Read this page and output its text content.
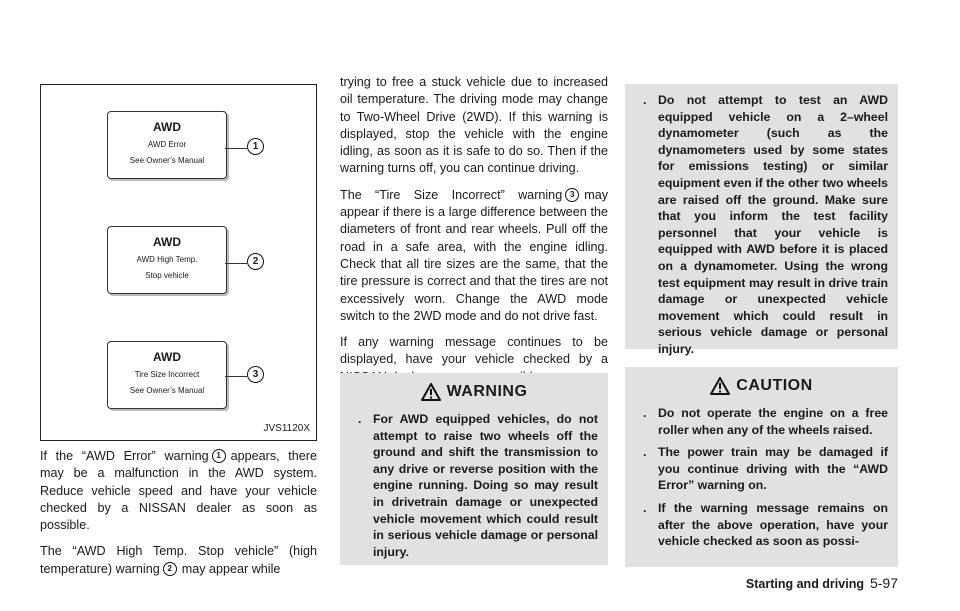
AWD
AWD Error
See Owner’s Manual
1
AWD
AWD High Temp.
Stop vehicle
2
AWD
Tire Size Incorrect
See Owner’s Manual
3
JVS1120X

If the “AWD Error” warning 1 appears, there may be a malfunction in the AWD system. Reduce vehicle speed and have your vehicle checked by a NISSAN dealer as soon as possible.

The “AWD High Temp. Stop vehicle” (high temperature) warning 2 may appear while

trying to free a stuck vehicle due to increased oil temperature. The driving mode may change to Two-Wheel Drive (2WD). If this warning is displayed, stop the vehicle with the engine idling, as soon as it is safe to do so. Then if the warning turns off, you can continue driving.

The “Tire Size Incorrect” warning 3 may appear if there is a large difference between the diameters of front and rear wheels. Pull off the road in a safe area, with the engine idling. Check that all tire sizes are the same, that the tire pressure is correct and that the tires are not excessively worn. Change the AWD mode switch to the 2WD mode and do not drive fast.

If any warning message continues to be displayed, have your vehicle checked by a

WARNING
. For AWD equipped vehicles, do not attempt to raise two wheels off the ground and shift the transmission to any drive or reverse position with the engine running. Doing so may result in drivetrain damage or unexpected vehicle movement which could result in serious vehicle damage or personal injury.
. Do not attempt to test an AWD equipped vehicle on a 2–wheel dynamometer (such as the dynamometers used by some states for emissions testing) or similar equipment even if the other two wheels are raised off the ground. Make sure that you inform the test facility personnel that your vehicle is equipped with AWD before it is placed on a dynamometer. Using the wrong test equipment may result in drive train damage or unexpected vehicle movement which could result in serious vehicle damage or personal injury.
CAUTION
. Do not operate the engine on a free roller when any of the wheels raised.
. The power train may be damaged if you continue driving with the “AWD Error” warning on.
. If the warning message remains on after the above operation, have your vehicle checked as soon as possi-
Starting and driving 5-97
